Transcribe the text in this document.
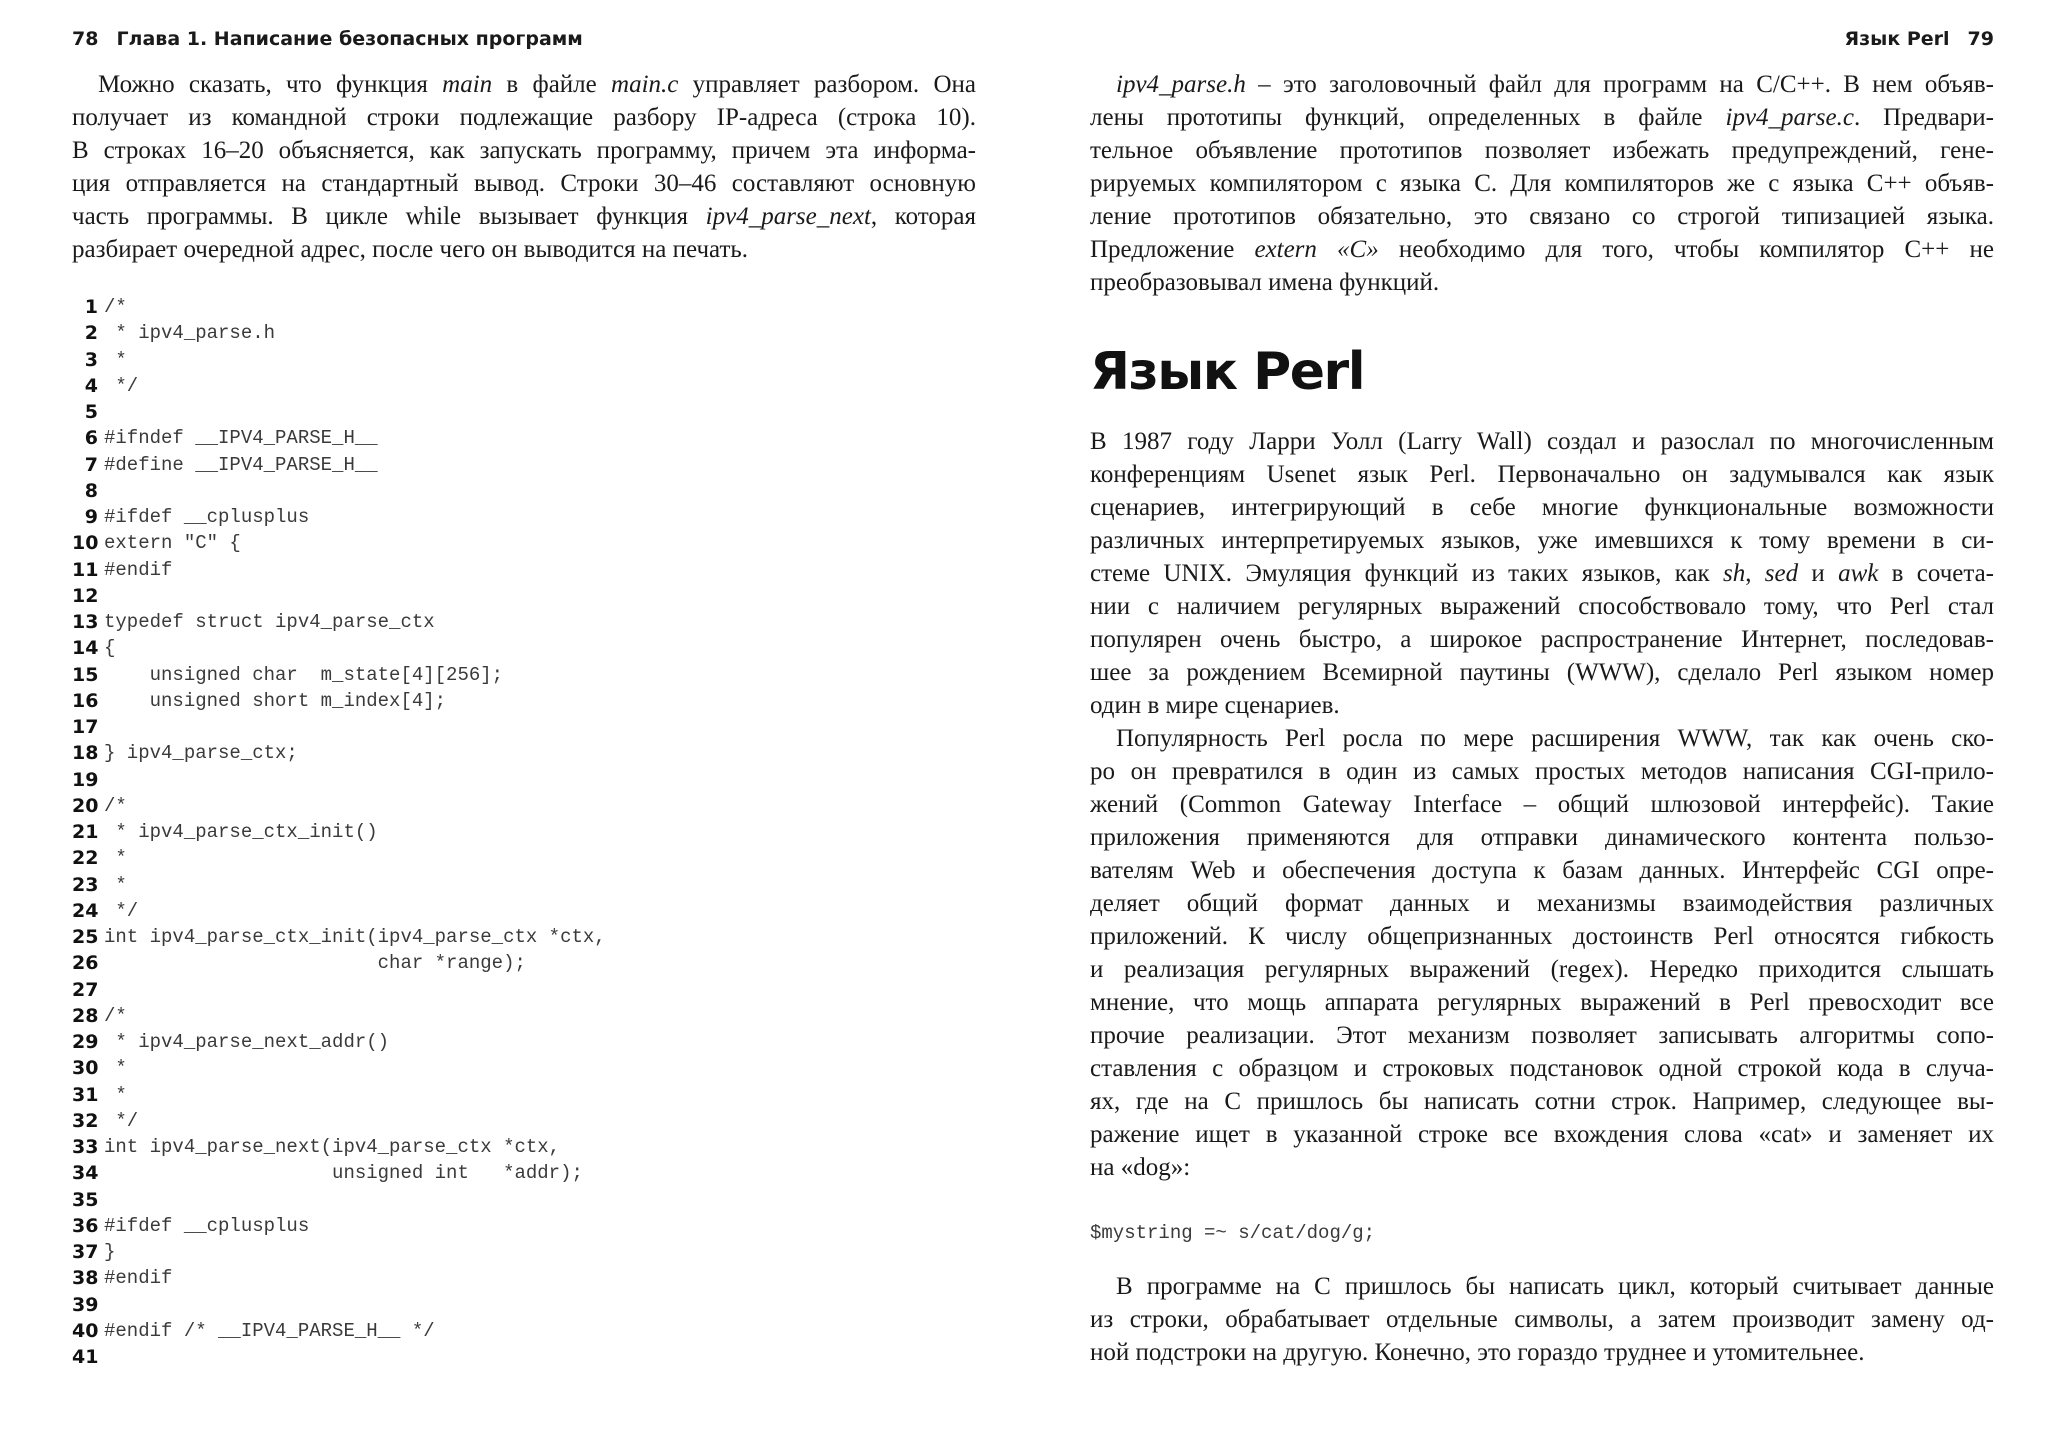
78 Глава 1. Написание безопасных программ
Можно сказать, что функция main в файле main.c управляет разбором. Она
получает из командной строки подлежащие разбору IP-адреса (строка 10).
В строках 16–20 объясняется, как запускать программу, причем эта информа-
ция отправляется на стандартный вывод. Строки 30–46 составляют основную
часть программы. В цикле while вызывает функция ipv4_parse_next, которая
разбирает очередной адрес, после чего он выводится на печать.
1 /*
2 * ipv4_parse.h
3 *
4 */
5
6 #ifndef __IPV4_PARSE_H__
7 #define __IPV4_PARSE_H__
8
9 #ifdef __cplusplus
10 extern "C" {
11 #endif
12
13 typedef struct ipv4_parse_ctx
14 {
15 unsigned char  m_state[4][256];
16 unsigned short m_index[4];
17
18 } ipv4_parse_ctx;
19
20 /*
21 * ipv4_parse_ctx_init()
22 *
23 *
24 */
25 int ipv4_parse_ctx_init(ipv4_parse_ctx *ctx,
26 char *range);
27
28 /*
29 * ipv4_parse_next_addr()
30 *
31 *
32 */
33 int ipv4_parse_next(ipv4_parse_ctx *ctx,
34 unsigned int   *addr);
35
36 #ifdef __cplusplus
37 }
38 #endif
39
40 #endif /* __IPV4_PARSE_H__ */
41
Язык Perl 79
ipv4_parse.h – это заголовочный файл для программ на C/C++. В нем объяв-
лены прототипы функций, определенных в файле ipv4_parse.c. Предвари-
тельное объявление прототипов позволяет избежать предупреждений, гене-
рируемых компилятором с языка C. Для компиляторов же с языка C++ объяв-
ление прототипов обязательно, это связано со строгой типизацией языка.
Предложение extern «C» необходимо для того, чтобы компилятор C++ не
преобразовывал имена функций.
Язык Perl
В 1987 году Ларри Уолл (Larry Wall) создал и разослал по многочисленным
конференциям Usenet язык Perl. Первоначально он задумывался как язык
сценариев, интегрирующий в себе многие функциональные возможности
различных интерпретируемых языков, уже имевшихся к тому времени в си-
стеме UNIX. Эмуляция функций из таких языков, как sh, sed и awk в сочета-
нии с наличием регулярных выражений способствовало тому, что Perl стал
популярен очень быстро, а широкое распространение Интернет, последовав-
шее за рождением Всемирной паутины (WWW), сделало Perl языком номер
один в мире сценариев.
Популярность Perl росла по мере расширения WWW, так как очень ско-
ро он превратился в один из самых простых методов написания CGI-прило-
жений (Common Gateway Interface – общий шлюзовой интерфейс). Такие
приложения применяются для отправки динамического контента пользо-
вателям Web и обеспечения доступа к базам данных. Интерфейс CGI опре-
деляет общий формат данных и механизмы взаимодействия различных
приложений. К числу общепризнанных достоинств Perl относятся гибкость
и реализация регулярных выражений (regex). Нередко приходится слышать
мнение, что мощь аппарата регулярных выражений в Perl превосходит все
прочие реализации. Этот механизм позволяет записывать алгоритмы сопо-
ставления с образцом и строковых подстановок одной строкой кода в случа-
ях, где на C пришлось бы написать сотни строк. Например, следующее вы-
ражение ищет в указанной строке все вхождения слова «cat» и заменяет их
на «dog»:
$mystring =~ s/cat/dog/g;
В программе на C пришлось бы написать цикл, который считывает данные
из строки, обрабатывает отдельные символы, а затем производит замену од-
ной подстроки на другую. Конечно, это гораздо труднее и утомительнее.
